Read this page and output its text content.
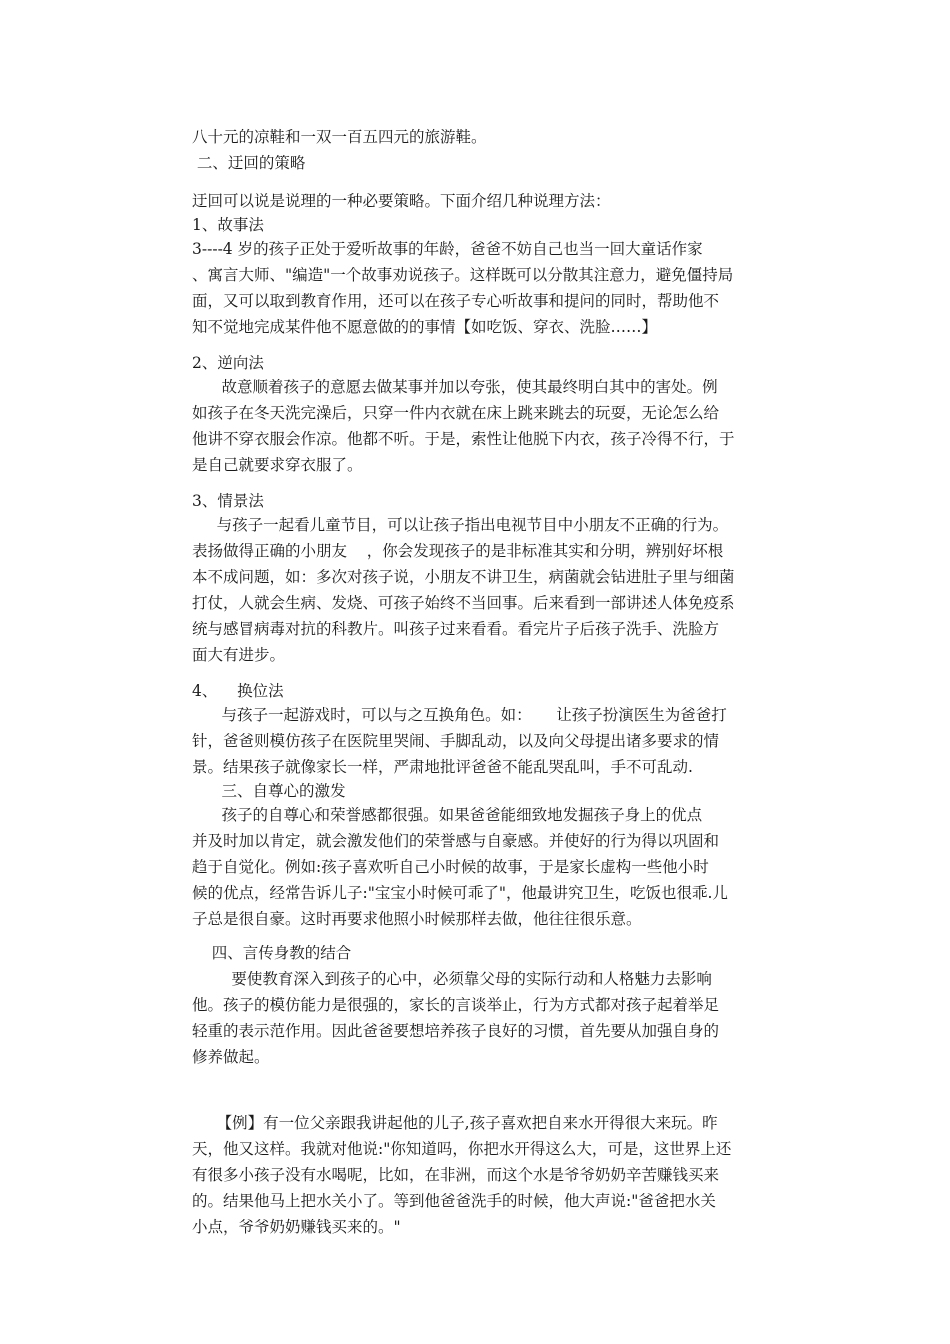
八十元的凉鞋和一双一百五四元的旅游鞋。
二、迂回的策略
迂回可以说是说理的一种必要策略。下面介绍几种说理方法：
1、故事法
3----4 岁的孩子正处于爱听故事的年龄，爸爸不妨自己也当一回大童话作家
、寓言大师、"编造"一个故事劝说孩子。这样既可以分散其注意力，避免僵持局
面，又可以取到教育作用，还可以在孩子专心听故事和提问的同时，帮助他不
知不觉地完成某件他不愿意做的的事情【如吃饭、穿衣、洗脸……】
2、逆向法
故意顺着孩子的意愿去做某事并加以夸张，使其最终明白其中的害处。例
如孩子在冬天洗完澡后，只穿一件内衣就在床上跳来跳去的玩耍，无论怎么给
他讲不穿衣服会作凉。他都不听。于是，索性让他脱下内衣，孩子冷得不行，于
是自己就要求穿衣服了。
3、情景法
与孩子一起看儿童节目，可以让孩子指出电视节目中小朋友不正确的行为。
表扬做得正确的小朋友    ，你会发现孩子的是非标准其实和分明，辨别好坏根
本不成问题，如：多次对孩子说，小朋友不讲卫生，病菌就会钻进肚子里与细菌
打仗，人就会生病、发烧、可孩子始终不当回事。后来看到一部讲述人体免疫系
统与感冒病毒对抗的科教片。叫孩子过来看看。看完片子后孩子洗手、洗脸方
面大有进步。
4、    换位法
与孩子一起游戏时，可以与之互换角色。如：     让孩子扮演医生为爸爸打
针，爸爸则模仿孩子在医院里哭闹、手脚乱动，以及向父母提出诸多要求的情
景。结果孩子就像家长一样，严肃地批评爸爸不能乱哭乱叫，手不可乱动.
三、自尊心的激发
孩子的自尊心和荣誉感都很强。如果爸爸能细致地发掘孩子身上的优点
并及时加以肯定，就会激发他们的荣誉感与自豪感。并使好的行为得以巩固和
趋于自觉化。例如:孩子喜欢听自己小时候的故事，于是家长虚构一些他小时
候的优点，经常告诉儿子:"宝宝小时候可乖了"，他最讲究卫生，吃饭也很乖.儿
子总是很自豪。这时再要求他照小时候那样去做，他往往很乐意。
四、言传身教的结合
要使教育深入到孩子的心中，必须靠父母的实际行动和人格魅力去影响
他。孩子的模仿能力是很强的，家长的言谈举止，行为方式都对孩子起着举足
轻重的表示范作用。因此爸爸要想培养孩子良好的习惯，首先要从加强自身的
修养做起。
【例】有一位父亲跟我讲起他的儿子,孩子喜欢把自来水开得很大来玩。昨
天，他又这样。我就对他说:"你知道吗，你把水开得这么大，可是，这世界上还
有很多小孩子没有水喝呢，比如，在非洲，而这个水是爷爷奶奶辛苦赚钱买来
的。结果他马上把水关小了。等到他爸爸洗手的时候，他大声说:"爸爸把水关
小点，爷爷奶奶赚钱买来的。"
